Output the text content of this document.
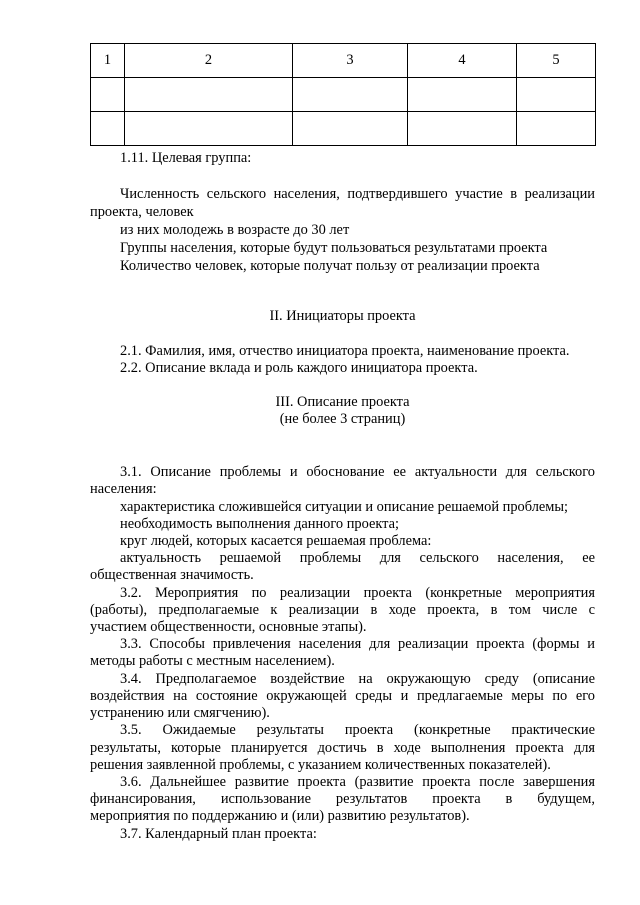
1	2	3	4	5

1.11. Целевая группа:
Численность сельского населения, подтвердившего участие в реализации
проекта, человек
из них молодежь в возрасте до 30 лет
Группы населения, которые будут пользоваться результатами проекта
Количество человек, которые получат пользу от реализации проекта
II. Инициаторы проекта
2.1. Фамилия, имя, отчество инициатора проекта, наименование проекта.
2.2. Описание вклада и роль каждого инициатора проекта.
III. Описание проекта
(не более 3 страниц)
3.1. Описание проблемы и обоснование ее актуальности для сельского
населения:
характеристика сложившейся ситуации и описание решаемой проблемы;
необходимость выполнения данного проекта;
круг людей, которых касается решаемая проблема:
актуальность решаемой проблемы для сельского населения, ее
общественная значимость.
3.2. Мероприятия по реализации проекта (конкретные мероприятия
(работы), предполагаемые к реализации в ходе проекта, в том числе с
участием общественности, основные этапы).
3.3. Способы привлечения населения для реализации проекта (формы и
методы работы с местным населением).
3.4. Предполагаемое воздействие на окружающую среду (описание
воздействия на состояние окружающей среды и предлагаемые меры по его
устранению или смягчению).
3.5. Ожидаемые результаты проекта (конкретные практические
результаты, которые планируется достичь в ходе выполнения проекта для
решения заявленной проблемы, с указанием количественных показателей).
3.6. Дальнейшее развитие проекта (развитие проекта после завершения
финансирования, использование результатов проекта в будущем,
мероприятия по поддержанию и (или) развитию результатов).
3.7. Календарный план проекта:
